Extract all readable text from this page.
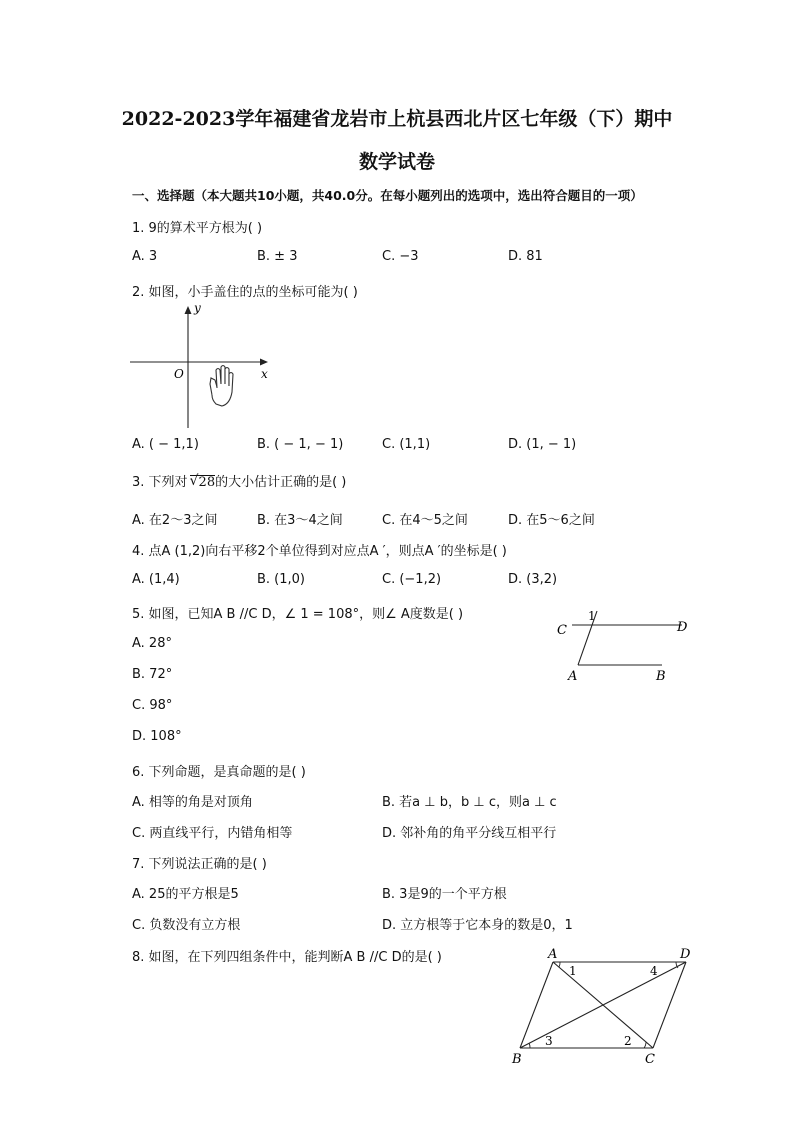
2022-2023学年福建省龙岩市上杭县西北片区七年级（下）期中
数学试卷
一、选择题（本大题共10小题，共40.0分。在每小题列出的选项中，选出符合题目的一项）
1. 9的算术平方根为( )
A. 3	B. ± 3	C. −3	D. 81
2. 如图，小手盖住的点的坐标可能为( )
y
O	x
A. ( − 1,1)	B. ( − 1, − 1)	C. (1,1)	D. (1, − 1)
3. 下列对 √ 28的大小估计正确的是( )
A. 在2～3之间	B. 在3～4之间	C. 在4～5之间	D. 在5～6之间
4. 点A (1,2)向右平移2个单位得到对应点A ′，则点A ′的坐标是( )
A. (1,4)	B. (1,0)	C. (−1,2)	D. (3,2)
5. 如图，已知A B //C D，∠ 1 = 108°，则∠ A度数是( )
A. 28°
B. 72°
C. 98°
D. 108°
1
C	D
A	B
6. 下列命题，是真命题的是( )
A. 相等的角是对顶角	B. 若a ⊥ b，b ⊥ c，则a ⊥ c
C. 两直线平行，内错角相等	D. 邻补角的角平分线互相平行
7. 下列说法正确的是( )
A. 25的平方根是5	B. 3是9的一个平方根
C. 负数没有立方根	D. 立方根等于它本身的数是0，1
8. 如图，在下列四组条件中，能判断A B //C D的是( )	A	D
B	C
1
2
3
4
